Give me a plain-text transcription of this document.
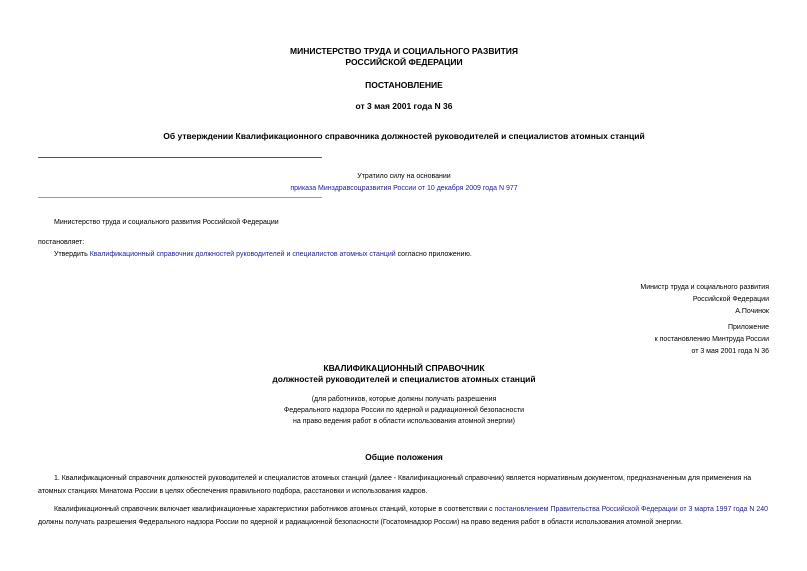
МИНИСТЕРСТВО ТРУДА И СОЦИАЛЬНОГО РАЗВИТИЯ
РОССИЙСКОЙ ФЕДЕРАЦИИ
ПОСТАНОВЛЕНИЕ
от 3 мая 2001 года N 36
Об утверждении Квалификационного справочника должностей руководителей и специалистов атомных станций
Утратило силу на основании
приказа Минздравсоцразвития России от 10 декабря 2009 года N 977
Министерство труда и социального развития Российской Федерации
постановляет:
Утвердить Квалификационный справочник должностей руководителей и специалистов атомных станций согласно приложению.
Министр труда и социального развития
Российской Федерации
А.Починок
Приложение
к постановлению Минтруда России
от 3 мая 2001 года N 36
КВАЛИФИКАЦИОННЫЙ СПРАВОЧНИК
должностей руководителей и специалистов атомных станций
(для работников, которые должны получать разрешения
Федерального надзора России по ядерной и радиационной безопасности
на право ведения работ в области использования атомной энергии)
Общие положения
1. Квалификационный справочник должностей руководителей и специалистов атомных станций (далее - Квалификационный справочник) является нормативным документом, предназначенным для применения на атомных станциях Минатома России в целях обеспечения правильного подбора, расстановки и использования кадров.
Квалификационный справочник включает квалификационные характеристики работников атомных станций, которые в соответствии с постановлением Правительства Российской Федерации от 3 марта 1997 года N 240 должны получать разрешения Федерального надзора России по ядерной и радиационной безопасности (Госатомнадзор России) на право ведения работ в области использования атомной энергии.
